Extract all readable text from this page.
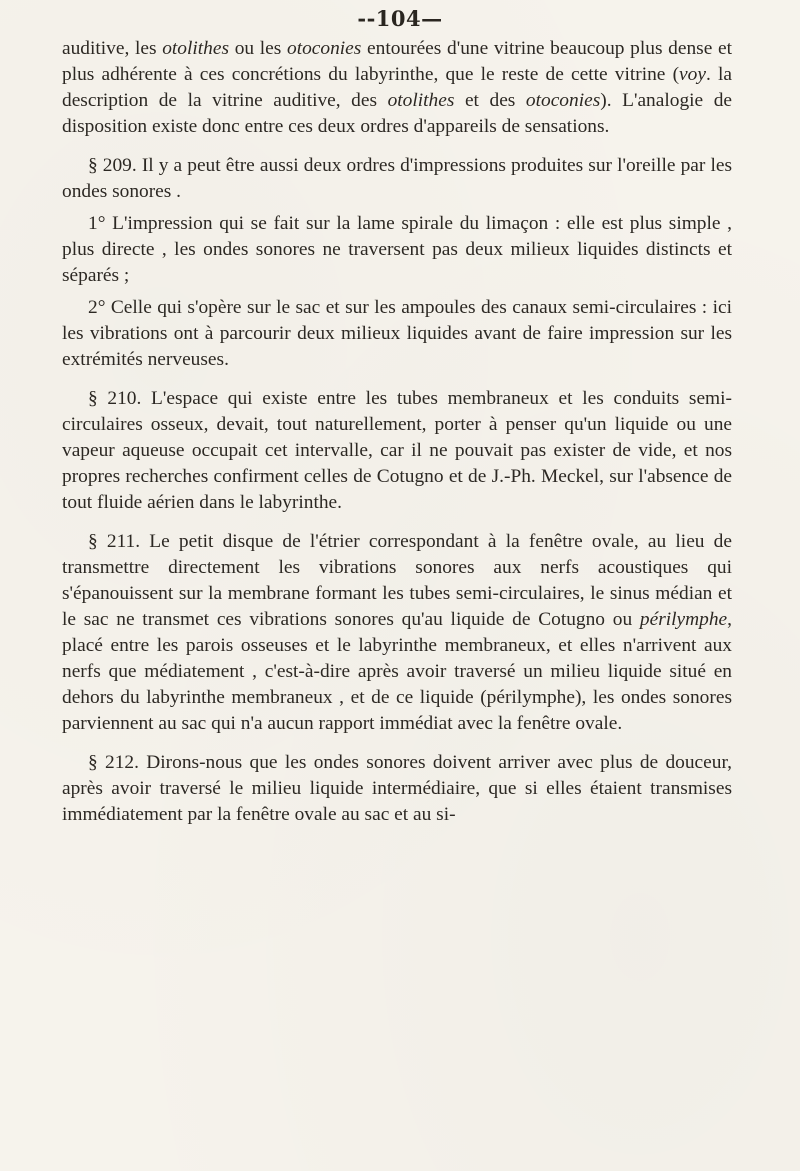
--104—

auditive, les otolithes ou les otoconies entourées d'une vitrine beaucoup plus dense et plus adhérente à ces concrétions du labyrinthe, que le reste de cette vitrine (voy. la description de la vitrine auditive, des otolithes et des otoconies). L'analogie de disposition existe donc entre ces deux ordres d'appareils de sensations.

§ 209. Il y a peut être aussi deux ordres d'impressions produites sur l'oreille par les ondes sonores .

1° L'impression qui se fait sur la lame spirale du limaçon : elle est plus simple , plus directe , les ondes sonores ne traversent pas deux milieux liquides distincts et séparés ;

2° Celle qui s'opère sur le sac et sur les ampoules des canaux semi-circulaires : ici les vibrations ont à parcourir deux milieux liquides avant de faire impression sur les extrémités nerveuses.

§ 210. L'espace qui existe entre les tubes membraneux et les conduits semi-circulaires osseux, devait, tout naturellement, porter à penser qu'un liquide ou une vapeur aqueuse occupait cet intervalle, car il ne pouvait pas exister de vide, et nos propres recherches confirment celles de Cotugno et de J.-Ph. Meckel, sur l'absence de tout fluide aérien dans le labyrinthe.

§ 211. Le petit disque de l'étrier correspondant à la fenêtre ovale, au lieu de transmettre directement les vibrations sonores aux nerfs acoustiques qui s'épanouissent sur la membrane formant les tubes semi-circulaires, le sinus médian et le sac ne transmet ces vibrations sonores qu'au liquide de Cotugno ou périlymphe, placé entre les parois osseuses et le labyrinthe membraneux, et elles n'arrivent aux nerfs que médiatement , c'est-à-dire après avoir traversé un milieu liquide situé en dehors du labyrinthe membraneux , et de ce liquide (périlymphe), les ondes sonores parviennent au sac qui n'a aucun rapport immédiat avec la fenêtre ovale.

§ 212. Dirons-nous que les ondes sonores doivent arriver avec plus de douceur, après avoir traversé le milieu liquide intermédiaire, que si elles étaient transmises immédiatement par la fenêtre ovale au sac et au si-
